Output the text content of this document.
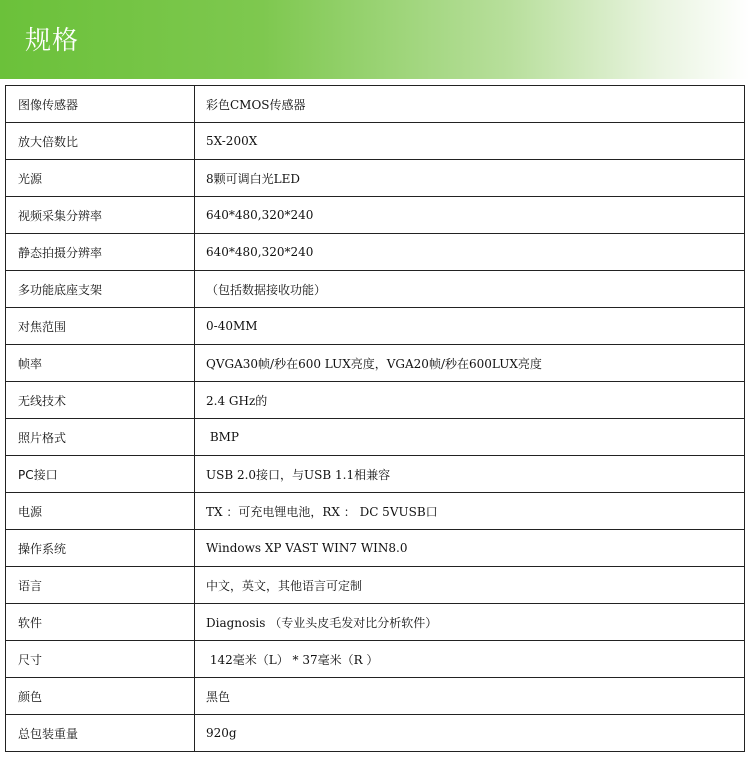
规格
图像传感器	彩色CMOS传感器
放大倍数比	5X-200X
光源	8颗可调白光LED
视频采集分辨率	640*480,320*240
静态拍摄分辨率	640*480,320*240
多功能底座支架	（包括数据接收功能）
对焦范围	0-40MM
帧率	QVGA30帧/秒在600 LUX亮度，VGA20帧/秒在600LUX亮度
无线技术	2.4 GHz的
照片格式	BMP
PC接口	USB 2.0接口，与USB 1.1相兼容
电源	TX ：可充电锂电池，RX ： DC 5VUSB口
操作系统	Windows XP VAST WIN7 WIN8.0
语言	中文，英文，其他语言可定制
软件	Diagnosis （专业头皮毛发对比分析软件）
尺寸	142毫米（L） * 37毫米（R ）
颜色	黑色
总包装重量	920g
